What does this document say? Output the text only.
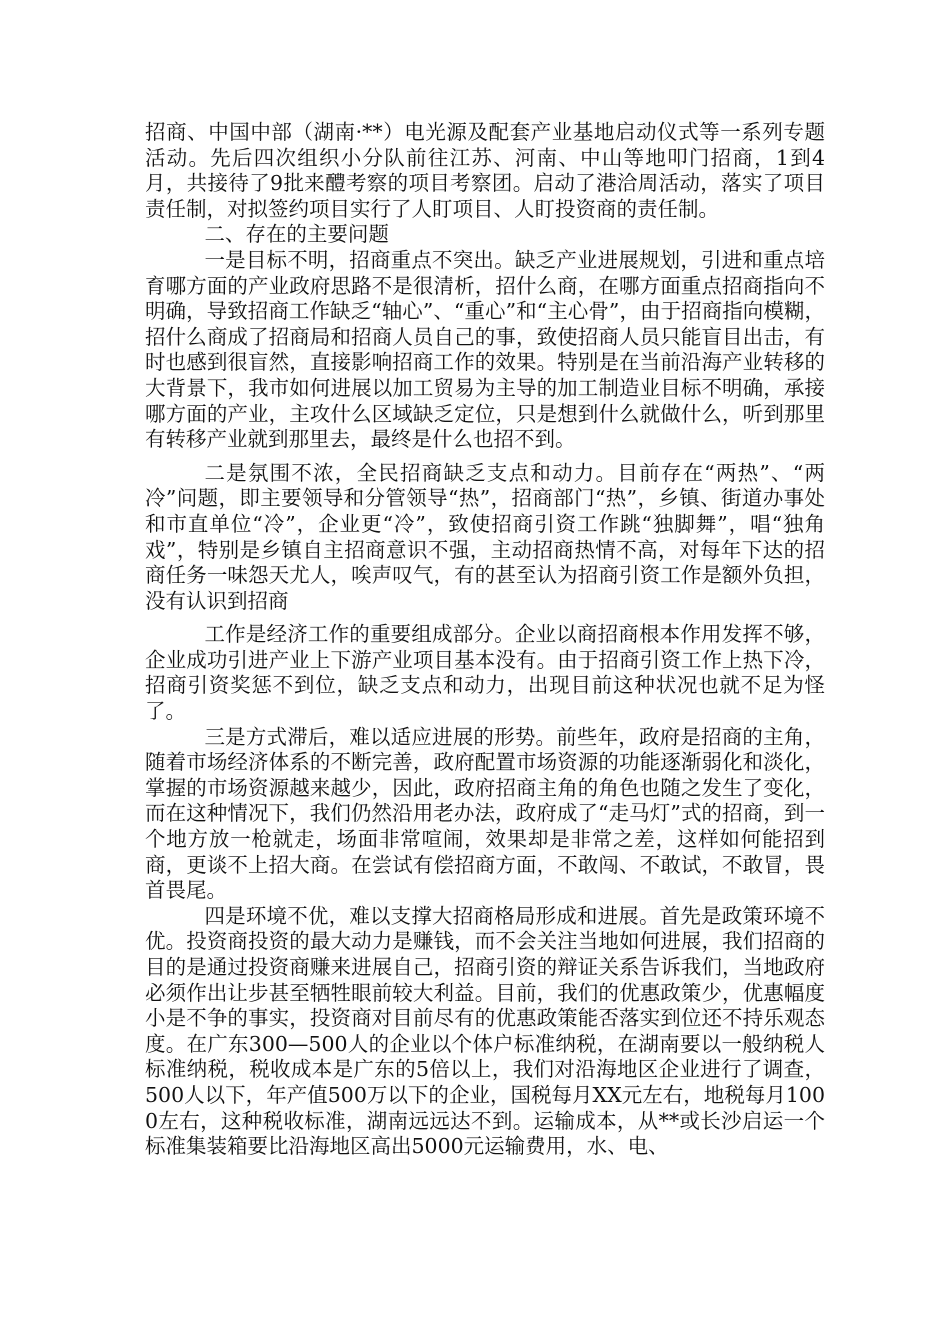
招商、中国中部（湖南·**）电光源及配套产业基地启动仪式等一系列专题活动。先后四次组织小分队前往江苏、河南、中山等地叩门招商，1到4月，共接待了9批来醴考察的项目考察团。启动了港洽周活动，落实了项目责任制，对拟签约项目实行了人盯项目、人盯投资商的责任制。

二、存在的主要问题

一是目标不明，招商重点不突出。缺乏产业进展规划，引进和重点培育哪方面的产业政府思路不是很清析，招什么商，在哪方面重点招商指向不明确，导致招商工作缺乏“轴心”、“重心”和“主心骨”，由于招商指向模糊，招什么商成了招商局和招商人员自己的事，致使招商人员只能盲目出击，有时也感到很盲然，直接影响招商工作的效果。特别是在当前沿海产业转移的大背景下，我市如何进展以加工贸易为主导的加工制造业目标不明确，承接哪方面的产业，主攻什么区域缺乏定位，只是想到什么就做什么，听到那里有转移产业就到那里去，最终是什么也招不到。

二是氛围不浓，全民招商缺乏支点和动力。目前存在“两热”、“两冷”问题，即主要领导和分管领导“热”，招商部门“热”，乡镇、街道办事处和市直单位“冷”，企业更“冷”，致使招商引资工作跳“独脚舞”，唱“独角戏”，特别是乡镇自主招商意识不强，主动招商热情不高，对每年下达的招商任务一味怨天尤人，唉声叹气，有的甚至认为招商引资工作是额外负担，没有认识到招商

工作是经济工作的重要组成部分。企业以商招商根本作用发挥不够，企业成功引进产业上下游产业项目基本没有。由于招商引资工作上热下冷，招商引资奖惩不到位，缺乏支点和动力，出现目前这种状况也就不足为怪了。

三是方式滞后，难以适应进展的形势。前些年，政府是招商的主角，随着市场经济体系的不断完善，政府配置市场资源的功能逐渐弱化和淡化，掌握的市场资源越来越少，因此，政府招商主角的角色也随之发生了变化，而在这种情况下，我们仍然沿用老办法，政府成了“走马灯”式的招商，到一个地方放一枪就走，场面非常喧闹，效果却是非常之差，这样如何能招到商，更谈不上招大商。在尝试有偿招商方面，不敢闯、不敢试，不敢冒，畏首畏尾。

四是环境不优，难以支撑大招商格局形成和进展。首先是政策环境不优。投资商投资的最大动力是赚钱，而不会关注当地如何进展，我们招商的目的是通过投资商赚来进展自己，招商引资的辩证关系告诉我们，当地政府必须作出让步甚至牺牲眼前较大利益。目前，我们的优惠政策少，优惠幅度小是不争的事实，投资商对目前尽有的优惠政策能否落实到位还不持乐观态度。在广东300—500人的企业以个体户标准纳税，在湖南要以一般纳税人标准纳税，税收成本是广东的5倍以上，我们对沿海地区企业进行了调查，500人以下，年产值500万以下的企业，国税每月XX元左右，地税每月1000左右，这种税收标准，湖南远远达不到。运输成本，从**或长沙启运一个标准集装箱要比沿海地区高出5000元运输费用，水、电、
